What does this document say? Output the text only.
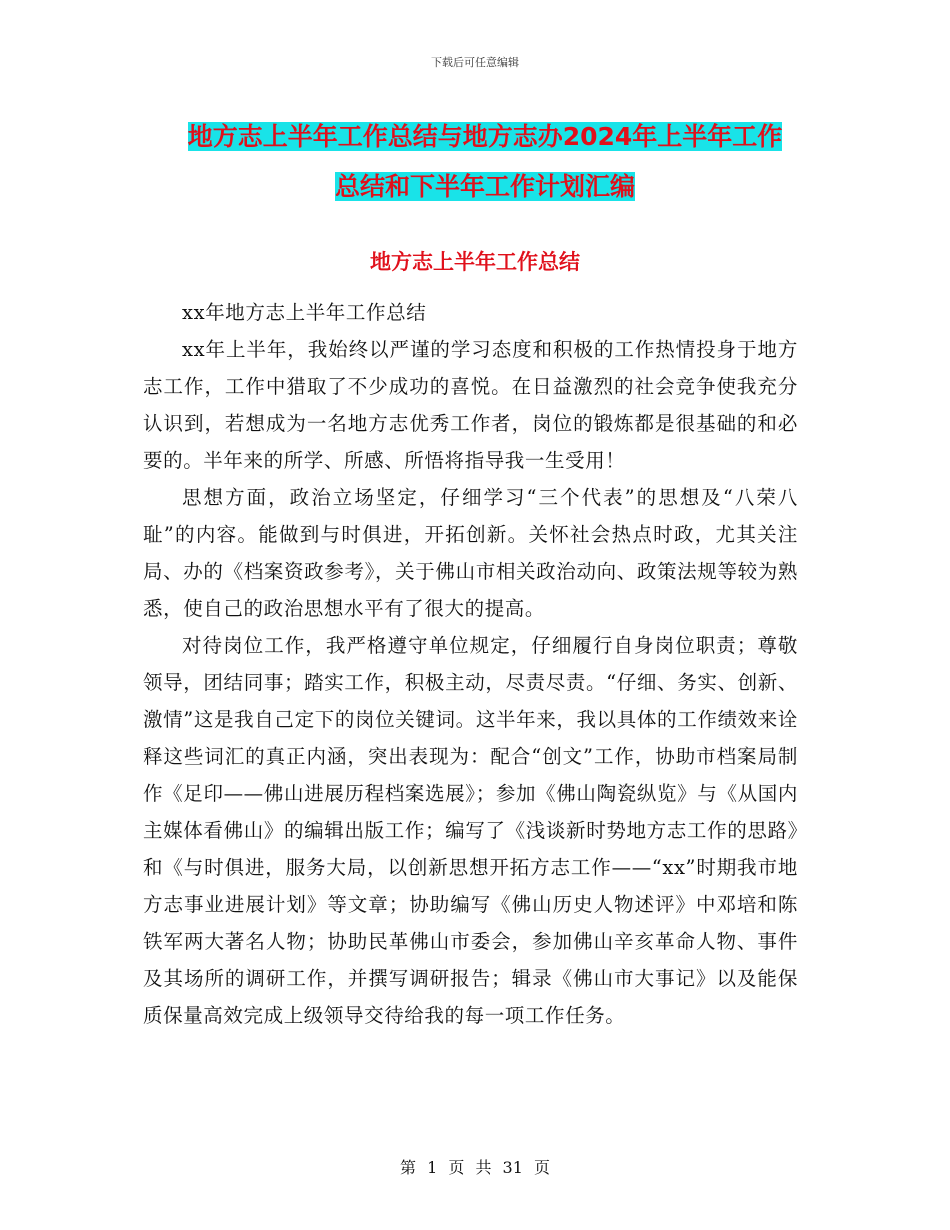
下载后可任意编辑
地方志上半年工作总结与地方志办2024年上半年工作
总结和下半年工作计划汇编
地方志上半年工作总结

xx年地方志上半年工作总结

xx年上半年，我始终以严谨的学习态度和积极的工作热情投身于地方志工作，工作中猎取了不少成功的喜悦。在日益激烈的社会竞争使我充分认识到，若想成为一名地方志优秀工作者，岗位的锻炼都是很基础的和必要的。半年来的所学、所感、所悟将指导我一生受用！

思想方面，政治立场坚定，仔细学习“三个代表”的思想及“八荣八耻”的内容。能做到与时俱进，开拓创新。关怀社会热点时政，尤其关注局、办的《档案资政参考》，关于佛山市相关政治动向、政策法规等较为熟悉，使自己的政治思想水平有了很大的提高。

对待岗位工作，我严格遵守单位规定，仔细履行自身岗位职责；尊敬领导，团结同事；踏实工作，积极主动，尽责尽责。“仔细、务实、创新、激情”这是我自己定下的岗位关键词。这半年来，我以具体的工作绩效来诠释这些词汇的真正内涵，突出表现为：配合“创文”工作，协助市档案局制作《足印——佛山进展历程档案选展》；参加《佛山陶瓷纵览》与《从国内主媒体看佛山》的编辑出版工作；编写了《浅谈新时势地方志工作的思路》和《与时俱进，服务大局，以创新思想开拓方志工作——“xx”时期我市地方志事业进展计划》等文章；协助编写《佛山历史人物述评》中邓培和陈铁军两大著名人物；协助民革佛山市委会，参加佛山辛亥革命人物、事件及其场所的调研工作，并撰写调研报告；辑录《佛山市大事记》以及能保质保量高效完成上级领导交待给我的每一项工作任务。

第 1 页 共 31 页
